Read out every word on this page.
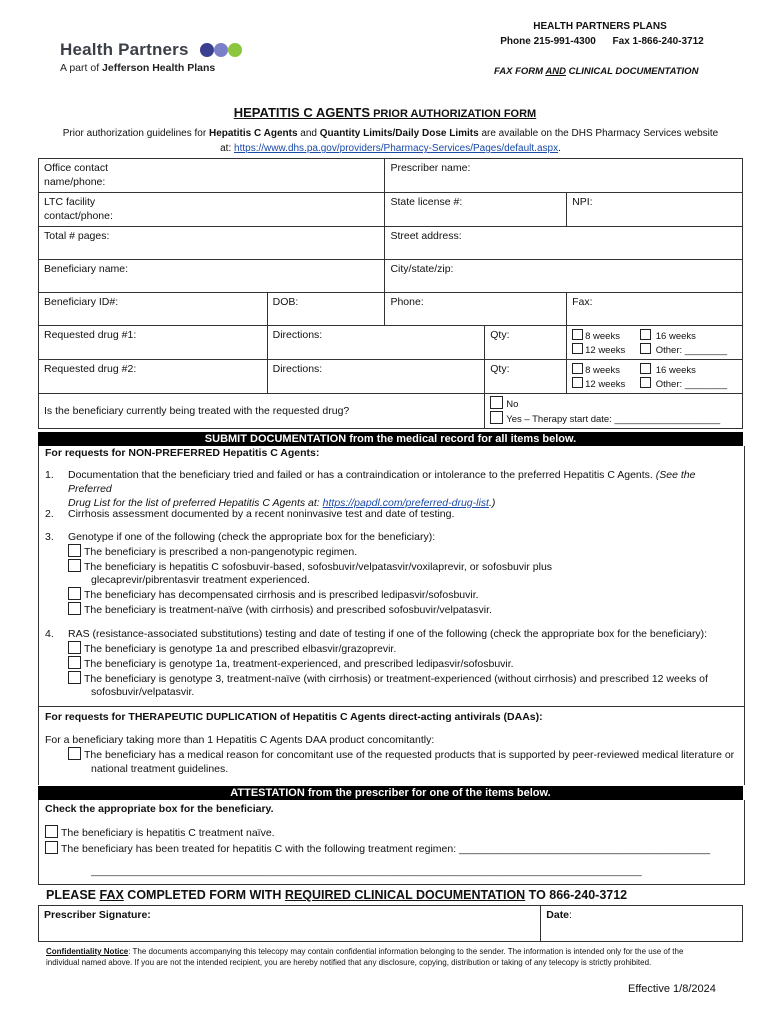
Health Partners
A part of Jefferson Health Plans
HEALTH PARTNERS PLANS
Phone 215-991-4300 Fax 1-866-240-3712
FAX FORM AND CLINICAL DOCUMENTATION
HEPATITIS C AGENTS PRIOR AUTHORIZATION FORM
Prior authorization guidelines for Hepatitis C Agents and Quantity Limits/Daily Dose Limits are available on the DHS Pharmacy Services website
at: https://www.dhs.pa.gov/providers/Pharmacy-Services/Pages/default.aspx.
Office contact
name/phone:		Prescriber name:		
LTC facility
contact/phone:		State license #:		NPI:
Total # pages:		Street address:		
Beneficiary name:		City/state/zip:		
Beneficiary ID#:	DOB:	Phone:		Fax:
Requested drug #1:	Directions:		Qty:	8 weeks 16 weeks
12 weeks Other: ________

Requested drug #2:	Directions:		Qty:	8 weeks 16 weeks
12 weeks Other: ________

Is the beneficiary currently being treated with the requested drug?			No
Yes – Therapy start date: ____________________	
SUBMIT DOCUMENTATION from the medical record for all items below.
For requests for NON-PREFERRED Hepatitis C Agents:
1. Documentation that the beneficiary tried and failed or has a contraindication or intolerance to the preferred Hepatitis C Agents. (See the Preferred
Drug List for the list of preferred Hepatitis C Agents at: https://papdl.com/preferred-drug-list.)
2. Cirrhosis assessment documented by a recent noninvasive test and date of testing.
3. Genotype if one of the following (check the appropriate box for the beneficiary):
The beneficiary is prescribed a non-pangenotypic regimen.
The beneficiary is hepatitis C sofosbuvir-based, sofosbuvir/velpatasvir/voxilaprevir, or sofosbuvir plus
glecaprevir/pibrentasvir treatment experienced.
The beneficiary has decompensated cirrhosis and is prescribed ledipasvir/sofosbuvir.
The beneficiary is treatment-naïve (with cirrhosis) and prescribed sofosbuvir/velpatasvir.
4. RAS (resistance-associated substitutions) testing and date of testing if one of the following (check the appropriate box for the beneficiary):
The beneficiary is genotype 1a and prescribed elbasvir/grazoprevir.
The beneficiary is genotype 1a, treatment-experienced, and prescribed ledipasvir/sofosbuvir.
The beneficiary is genotype 3, treatment-naïve (with cirrhosis) or treatment-experienced (without cirrhosis) and prescribed 12 weeks of
sofosbuvir/velpatasvir.
For requests for THERAPEUTIC DUPLICATION of Hepatitis C Agents direct-acting antivirals (DAAs):
For a beneficiary taking more than 1 Hepatitis C Agents DAA product concomitantly:
The beneficiary has a medical reason for concomitant use of the requested products that is supported by peer-reviewed medical literature or
national treatment guidelines.
ATTESTATION from the prescriber for one of the items below.
Check the appropriate box for the beneficiary.
The beneficiary is hepatitis C treatment naïve.
The beneficiary has been treated for hepatitis C with the following treatment regimen: ___________________________________________
______________________________________________________________________________________________________________
PLEASE FAX COMPLETED FORM WITH REQUIRED CLINICAL DOCUMENTATION TO 866-240-3712
Prescriber Signature:	Date:
Confidentiality Notice: The documents accompanying this telecopy may contain confidential information belonging to the sender. The information is intended only for the use of the
individual named above. If you are not the intended recipient, you are hereby notified that any disclosure, copying, distribution or taking of any telecopy is strictly prohibited.
Effective 1/8/2024
